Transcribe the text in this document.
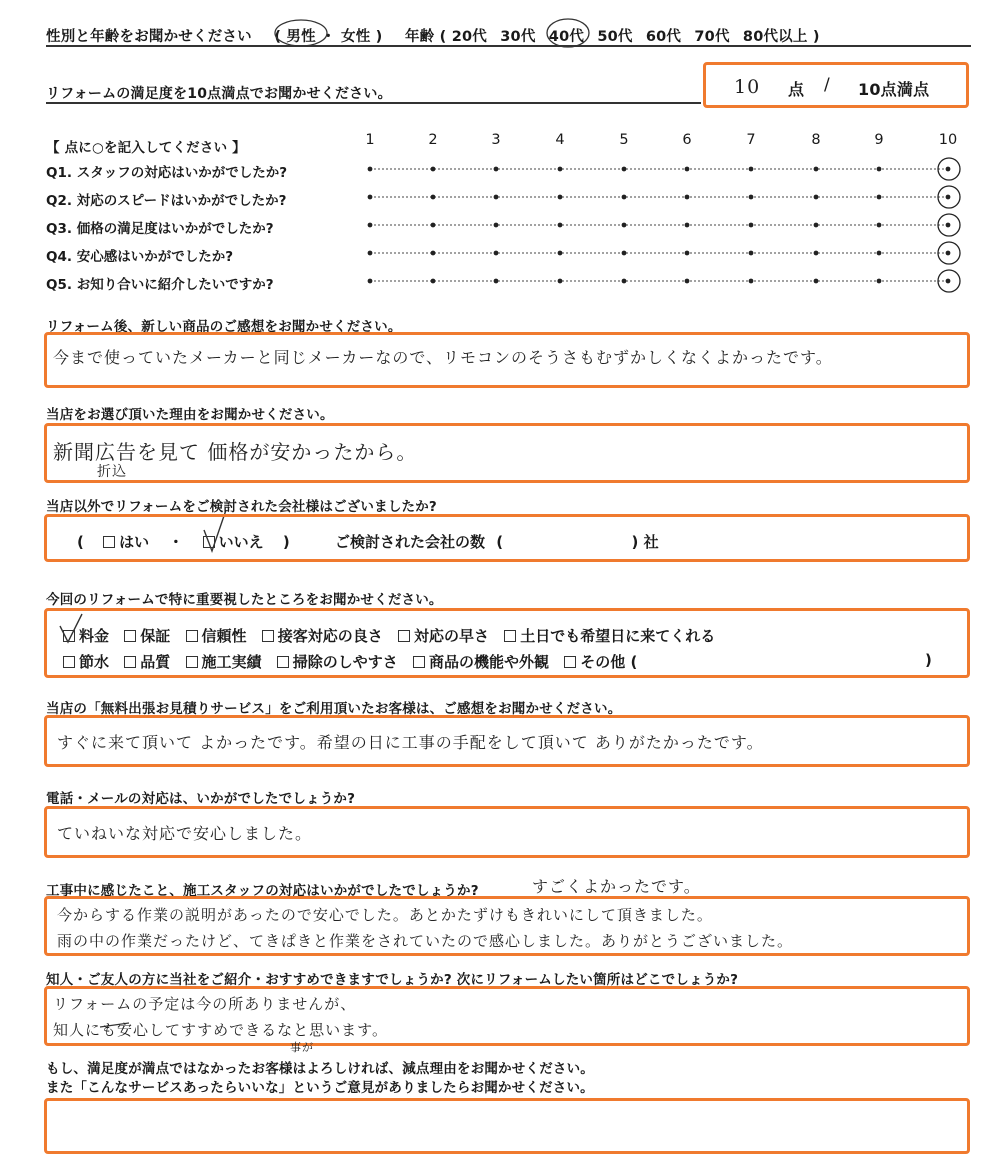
性別と年齢をお聞かせください ( 男性 ・ 女性 ) 年齢 ( 20代 30代 40代 50代 60代 70代 80代以上 )
リフォームの満足度を10点満点でお聞かせください。	10 点 / 10点満点
【 点に○を記入してください 】	1	2	3	4	5	6	7	8	9	10
Q1. スタッフの対応はいかがでしたか?
Q2. 対応のスピードはいかがでしたか?
Q3. 価格の満足度はいかがでしたか?
Q4. 安心感はいかがでしたか?
Q5. お知り合いに紹介したいですか?
リフォーム後、新しい商品のご感想をお聞かせください。
今まで使っていたメーカーと同じメーカーなので、リモコンのそうさもむずかしくなくよかったです。
当店をお選び頂いた理由をお聞かせください。
新聞広告を見て 価格が安かったから。
折込
当店以外でリフォームをご検討された会社様はございましたか?
( はい ・ いいえ )	ご検討された会社の数 (	) 社
今回のリフォームで特に重要視したところをお聞かせください。
料金 保証 信頼性 接客対応の良さ 対応の早さ 土日でも希望日に来てくれる
節水 品質 施工実績 掃除のしやすさ 商品の機能や外観 その他 (	)
当店の「無料出張お見積りサービス」をご利用頂いたお客様は、ご感想をお聞かせください。
すぐに来て頂いて よかったです。希望の日に工事の手配をして頂いて ありがたかったです。
電話・メールの対応は、いかがでしたでしょうか?
ていねいな対応で安心しました。
工事中に感じたこと、施工スタッフの対応はいかがでしたでしょうか?	すごくよかったです。
今からする作業の説明があったので安心でした。あとかたずけもきれいにして頂きました。
雨の中の作業だったけど、てきぱきと作業をされていたので感心しました。ありがとうございました。
知人・ご友人の方に当社をご紹介・おすすめできますでしょうか? 次にリフォームしたい箇所はどこでしょうか?
リフォームの予定は今の所ありませんが、
知人にも安心してすすめできるなと思います。
事が
もし、満足度が満点ではなかったお客様はよろしければ、減点理由をお聞かせください。
また「こんなサービスあったらいいな」というご意見がありましたらお聞かせください。
